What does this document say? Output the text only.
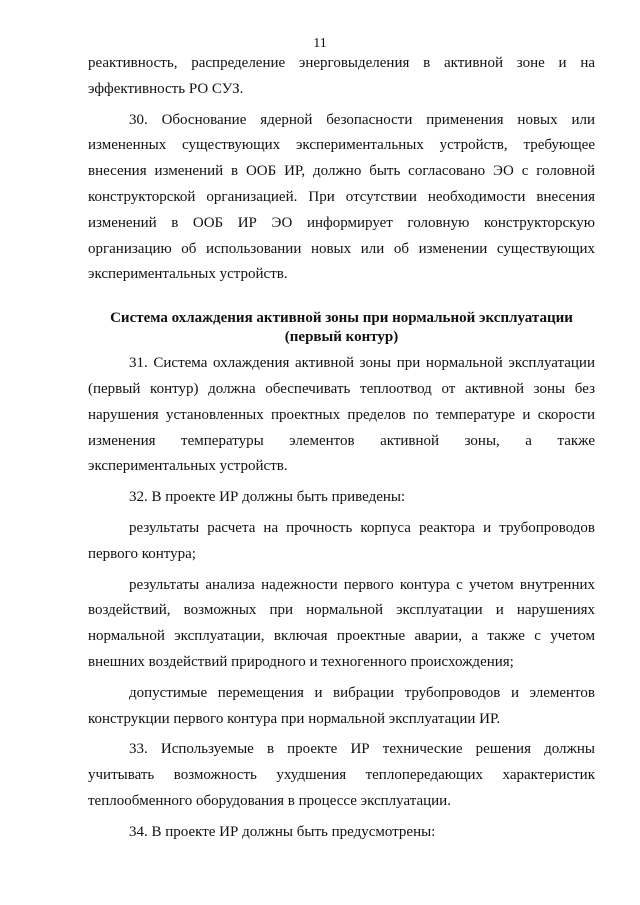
11

реактивность, распределение энерговыделения в активной зоне и на эффективность РО СУЗ.

30. Обоснование ядерной безопасности применения новых или измененных существующих экспериментальных устройств, требующее внесения изменений в ООБ ИР, должно быть согласовано ЭО с головной конструкторской организацией. При отсутствии необходимости внесения изменений в ООБ ИР ЭО информирует головную конструкторскую организацию об использовании новых или об изменении существующих экспериментальных устройств.

Система охлаждения активной зоны при нормальной эксплуатации
(первый контур)

31. Система охлаждения активной зоны при нормальной эксплуатации (первый контур) должна обеспечивать теплоотвод от активной зоны без нарушения установленных проектных пределов по температуре и скорости изменения температуры элементов активной зоны, а также экспериментальных устройств.

32. В проекте ИР должны быть приведены:

результаты расчета на прочность корпуса реактора и трубопроводов первого контура;

результаты анализа надежности первого контура с учетом внутренних воздействий, возможных при нормальной эксплуатации и нарушениях нормальной эксплуатации, включая проектные аварии, а также с учетом внешних воздействий природного и техногенного происхождения;

допустимые перемещения и вибрации трубопроводов и элементов конструкции первого контура при нормальной эксплуатации ИР.

33. Используемые в проекте ИР технические решения должны учитывать возможность ухудшения теплопередающих характеристик теплообменного оборудования в процессе эксплуатации.

34. В проекте ИР должны быть предусмотрены:
